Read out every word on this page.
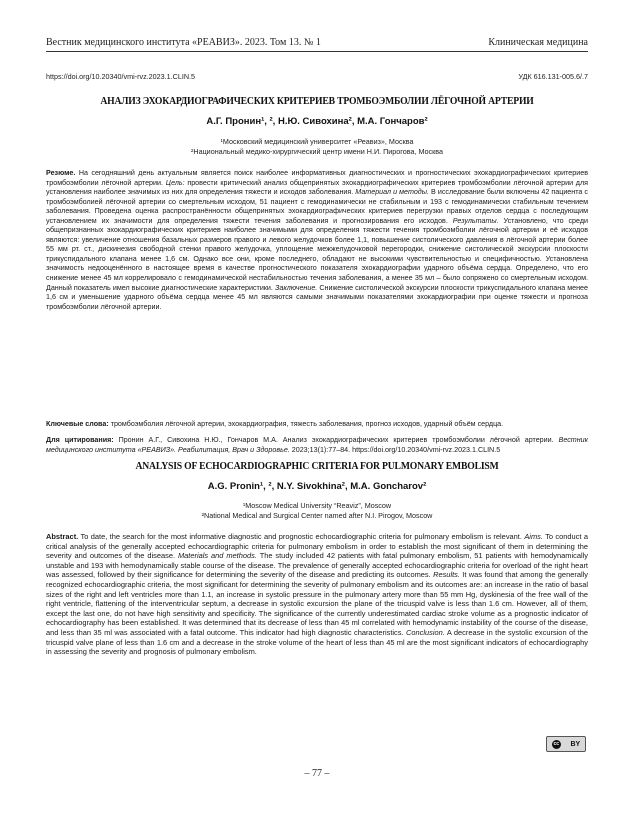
Вестник медицинского института «РЕАВИЗ». 2023. Том 13. № 1	Клиническая медицина
https://doi.org/10.20340/vmi-rvz.2023.1.CLIN.5	УДК 616.131-005.6/.7
АНАЛИЗ ЭХОКАРДИОГРАФИЧЕСКИХ КРИТЕРИЕВ ТРОМБОЭМБОЛИИ ЛЁГОЧНОЙ АРТЕРИИ
А.Г. Пронин¹, ², Н.Ю. Сивохина², М.А. Гончаров²
¹Московский медицинский университет «Реавиз», Москва
²Национальный медико-хирургический центр имени Н.И. Пирогова, Москва
Резюме. На сегодняшний день актуальным является поиск наиболее информативных диагностических и прогностических эхокардиографических критериев тромбоэмболии лёгочной артерии. Цель: провести критический анализ общепринятых эхокардиографических критериев тромбоэмболии лёгочной артерии для установления наиболее значимых из них для определения тяжести и исходов заболевания. Материал и методы. В исследование были включены 42 пациента с тромбоэмболией лёгочной артерии со смертельным исходом, 51 пациент с гемодинамически не стабильным и 193 с гемодинамически стабильным течением заболевания. Проведена оценка распространённости общепринятых эхокардиографических критериев перегрузки правых отделов сердца с последующим установлением их значимости для определения тяжести течения заболевания и прогнозирования его исходов. Результаты. Установлено, что среди общепризнанных эхокардиографических критериев наиболее значимыми для определения тяжести течения тромбоэмболии лёгочной артерии и её исходов являются: увеличение отношения базальных размеров правого и левого желудочков более 1,1, повышение систолического давления в лёгочной артерии более 55 мм рт. ст., дискинезия свободной стенки правого желудочка, уплощение межжелудочковой перегородки, снижение систолической экскурсии плоскости трикуспидального клапана менее 1,6 см. Однако все они, кроме последнего, обладают не высокими чувствительностью и специфичностью. Установлена значимость недооценённого в настоящее время в качестве прогностического показателя эхокардиографии ударного объёма сердца. Определено, что его снижение менее 45 мл коррелировало с гемодинамической нестабильностью течения заболевания, а менее 35 мл – было сопряжено со смертельным исходом. Данный показатель имел высокие диагностические характеристики. Заключение. Снижение систолической экскурсии плоскости трикуспидального клапана менее 1,6 см и уменьшение ударного объёма сердца менее 45 мл являются самыми значимыми показателями эхокардиографии при оценке тяжести и прогноза тромбоэмболии лёгочной артерии.
Ключевые слова: тромбоэмболия лёгочной артерии, эхокардиография, тяжесть заболевания, прогноз исходов, ударный объём сердца.
Для цитирования: Пронин А.Г., Сивохина Н.Ю., Гончаров М.А. Анализ эхокардиографических критериев тромбоэмболии лёгочной артерии. Вестник медицинского института «РЕАВИЗ». Реабилитация, Врач и Здоровье. 2023;13(1):77–84. https://doi.org/10.20340/vmi-rvz.2023.1.CLIN.5
ANALYSIS OF ECHOCARDIOGRAPHIC CRITERIA FOR PULMONARY EMBOLISM
A.G. Pronin¹, ², N.Y. Sivokhina², M.A. Goncharov²
¹Moscow Medical University “Reaviz”, Moscow
²National Medical and Surgical Center named after N.I. Pirogov, Moscow
Abstract. To date, the search for the most informative diagnostic and prognostic echocardiographic criteria for pulmonary embolism is relevant. Aims. To conduct a critical analysis of the generally accepted echocardiographic criteria for pulmonary embolism in order to establish the most significant of them in determining the severity and outcomes of the disease. Materials and methods. The study included 42 patients with fatal pulmonary embolism, 51 patients with hemodynamically unstable and 193 with hemodynamically stable course of the disease. The prevalence of generally accepted echocardiographic criteria for overload of the right heart was assessed, followed by their significance for determining the severity of the disease and predicting its outcomes. Results. It was found that among the generally recognized echocardiographic criteria, the most significant for determining the severity of pulmonary embolism and its outcomes are: an increase in the ratio of basal sizes of the right and left ventricles more than 1.1, an increase in systolic pressure in the pulmonary artery more than 55 mm Hg, dyskinesia of the free wall of the right ventricle, flattening of the interventricular septum, a decrease in systolic excursion the plane of the tricuspid valve is less than 1.6 cm. However, all of them, except the last one, do not have high sensitivity and specificity. The significance of the currently underestimated cardiac stroke volume as a prognostic indicator of echocardiography has been established. It was determined that its decrease of less than 45 ml correlated with hemodynamic instability of the course of the disease, and less than 35 ml was associated with a fatal outcome. This indicator had high diagnostic characteristics. Conclusion. A decrease in the systolic excursion of the tricuspid valve plane of less than 1.6 cm and a decrease in the stroke volume of the heart of less than 45 ml are the most significant indicators of echocardiography in assessing the severity and prognosis of pulmonary embolism.
cc BY
– 77 –
